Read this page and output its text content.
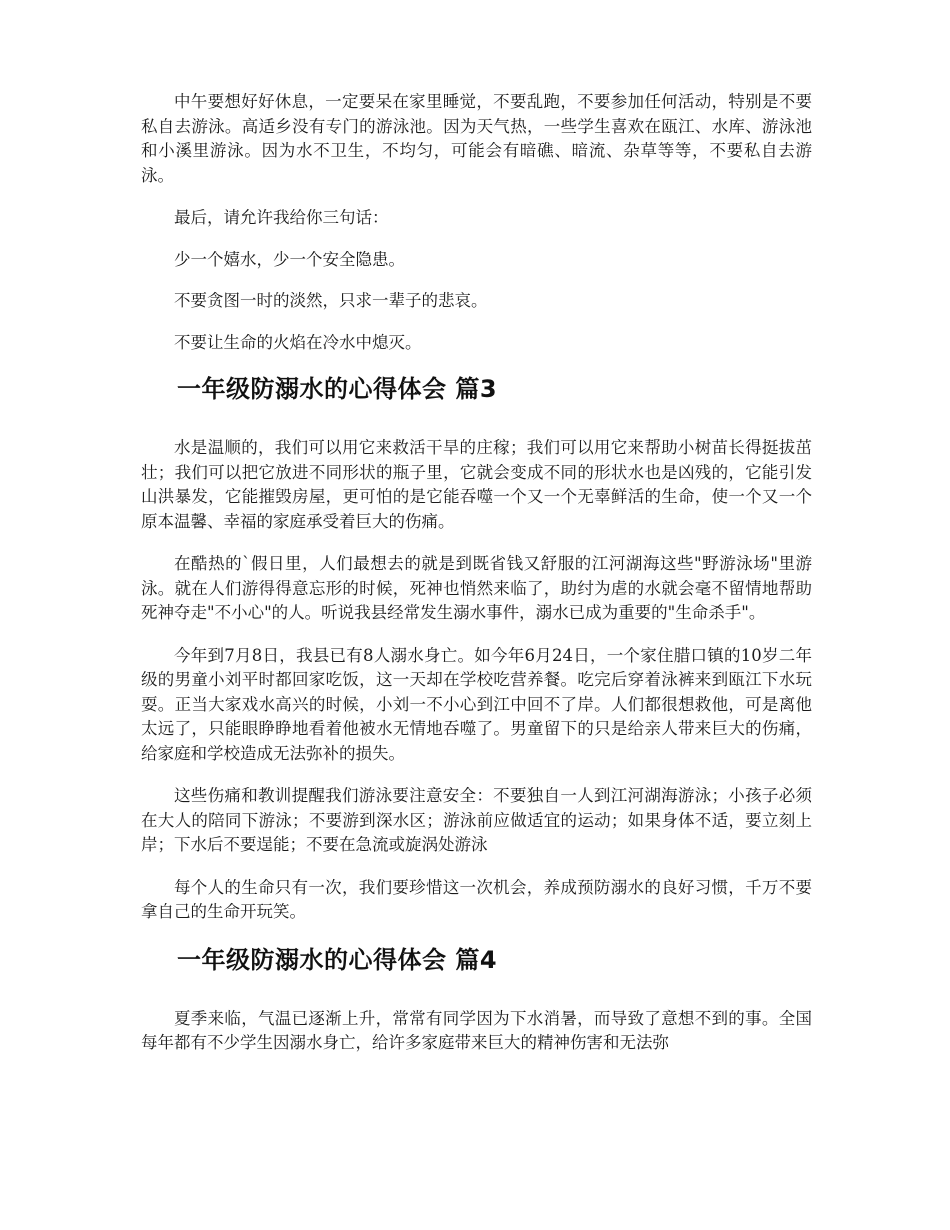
中午要想好好休息，一定要呆在家里睡觉，不要乱跑，不要参加任何活动，特别是不要私自去游泳。高适乡没有专门的游泳池。因为天气热，一些学生喜欢在瓯江、水库、游泳池和小溪里游泳。因为水不卫生，不均匀，可能会有暗礁、暗流、杂草等等，不要私自去游泳。

最后，请允许我给你三句话：

少一个嬉水，少一个安全隐患。

不要贪图一时的淡然，只求一辈子的悲哀。

不要让生命的火焰在冷水中熄灭。

一年级防溺水的心得体会 篇3

水是温顺的，我们可以用它来救活干旱的庄稼；我们可以用它来帮助小树苗长得挺拔茁壮；我们可以把它放进不同形状的瓶子里，它就会变成不同的形状水也是凶残的，它能引发山洪暴发，它能摧毁房屋，更可怕的是它能吞噬一个又一个无辜鲜活的生命，使一个又一个原本温馨、幸福的家庭承受着巨大的伤痛。

在酷热的`假日里，人们最想去的就是到既省钱又舒服的江河湖海这些"野游泳场"里游泳。就在人们游得得意忘形的时候，死神也悄然来临了，助纣为虐的水就会毫不留情地帮助死神夺走"不小心"的人。听说我县经常发生溺水事件，溺水已成为重要的"生命杀手"。

今年到7月8日，我县已有8人溺水身亡。如今年6月24日，一个家住腊口镇的10岁二年级的男童小刘平时都回家吃饭，这一天却在学校吃营养餐。吃完后穿着泳裤来到瓯江下水玩耍。正当大家戏水高兴的时候，小刘一不小心到江中回不了岸。人们都很想救他，可是离他太远了，只能眼睁睁地看着他被水无情地吞噬了。男童留下的只是给亲人带来巨大的伤痛，给家庭和学校造成无法弥补的损失。

这些伤痛和教训提醒我们游泳要注意安全：不要独自一人到江河湖海游泳；小孩子必须在大人的陪同下游泳；不要游到深水区；游泳前应做适宜的运动；如果身体不适，要立刻上岸；下水后不要逞能；不要在急流或旋涡处游泳

每个人的生命只有一次，我们要珍惜这一次机会，养成预防溺水的良好习惯，千万不要拿自己的生命开玩笑。

一年级防溺水的心得体会 篇4

夏季来临，气温已逐渐上升，常常有同学因为下水消暑，而导致了意想不到的事。全国每年都有不少学生因溺水身亡，给许多家庭带来巨大的精神伤害和无法弥
